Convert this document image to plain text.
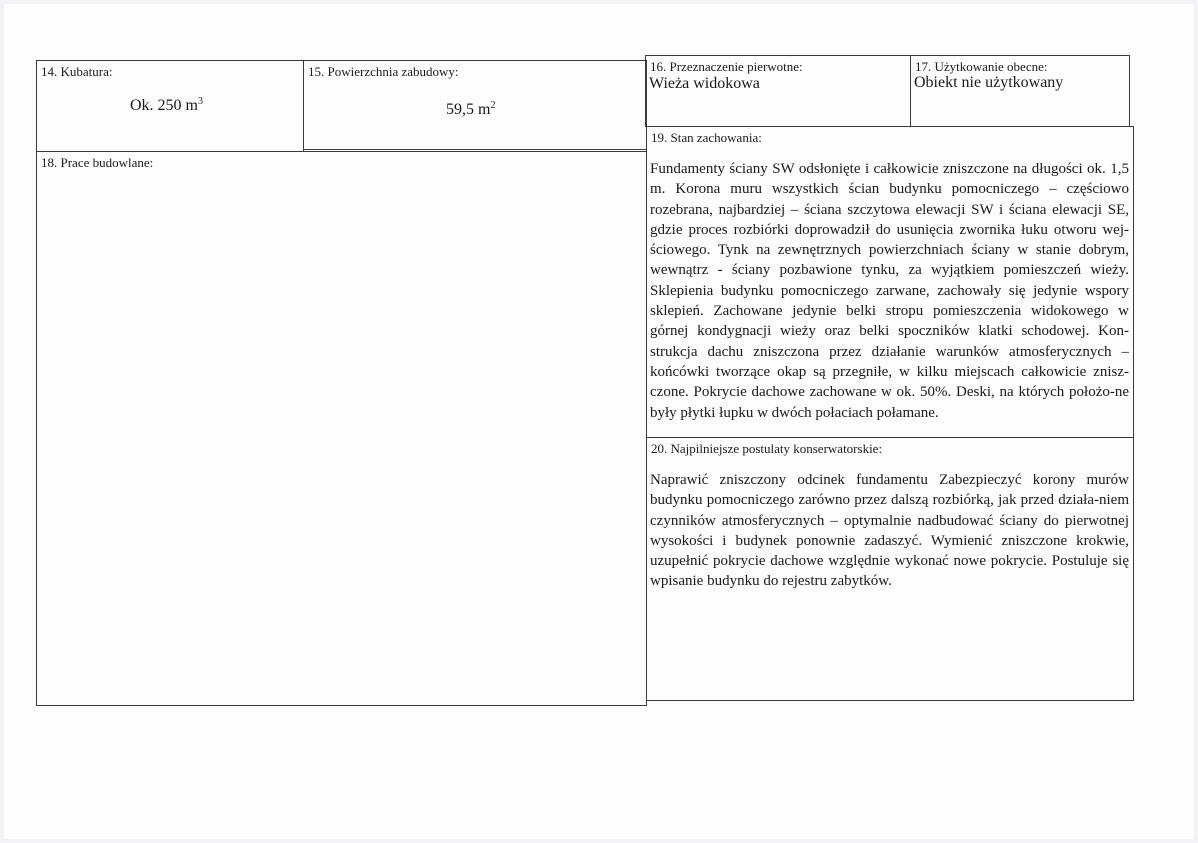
14. Kubatura:
Ok. 250 $m^3$
15. Powierzchnia zabudowy:
59,5 $m^2$
16. Przeznaczenie pierwotne:
Wieża widokowa
17. Użytkowanie obecne:
Obiekt nie użytkowany
18. Prace budowlane:
19. Stan zachowania:
Fundamenty ściany SW odsłonięte i całkowicie zniszczone na długości ok. 1,5 m. Korona muru wszystkich ścian budynku pomocniczego – częściowo rozebrana, najbardziej – ściana szczytowa elewacji SW i ściana elewacji SE, gdzie proces rozbiórki doprowadził do usunięcia zwornika łuku otworu wej-ściowego. Tynk na zewnętrznych powierzchniach ściany w stanie dobrym, wewnątrz - ściany pozbawione tynku, za wyjątkiem pomieszczeń wieży. Sklepienia budynku pomocniczego zarwane, zachowały się jedynie wspory sklepień. Zachowane jedynie belki stropu pomieszczenia widokowego w górnej kondygnacji wieży oraz belki spoczników klatki schodowej. Kon-strukcja dachu zniszczona przez działanie warunków atmosferycznych – końcówki tworzące okap są przegniłe, w kilku miejscach całkowicie znisz-czone. Pokrycie dachowe zachowane w ok. 50%. Deski, na których położo-ne były płytki łupku w dwóch połaciach połamane.
20. Najpilniejsze postulaty konserwatorskie:
Naprawić zniszczony odcinek fundamentu Zabezpieczyć korony murów budynku pomocniczego zarówno przez dalszą rozbiórką, jak przed działa-niem czynników atmosferycznych – optymalnie nadbudować ściany do pierwotnej wysokości i budynek ponownie zadaszyć. Wymienić zniszczone krokwie, uzupełnić pokrycie dachowe względnie wykonać nowe pokrycie. Postuluje się wpisanie budynku do rejestru zabytków.
